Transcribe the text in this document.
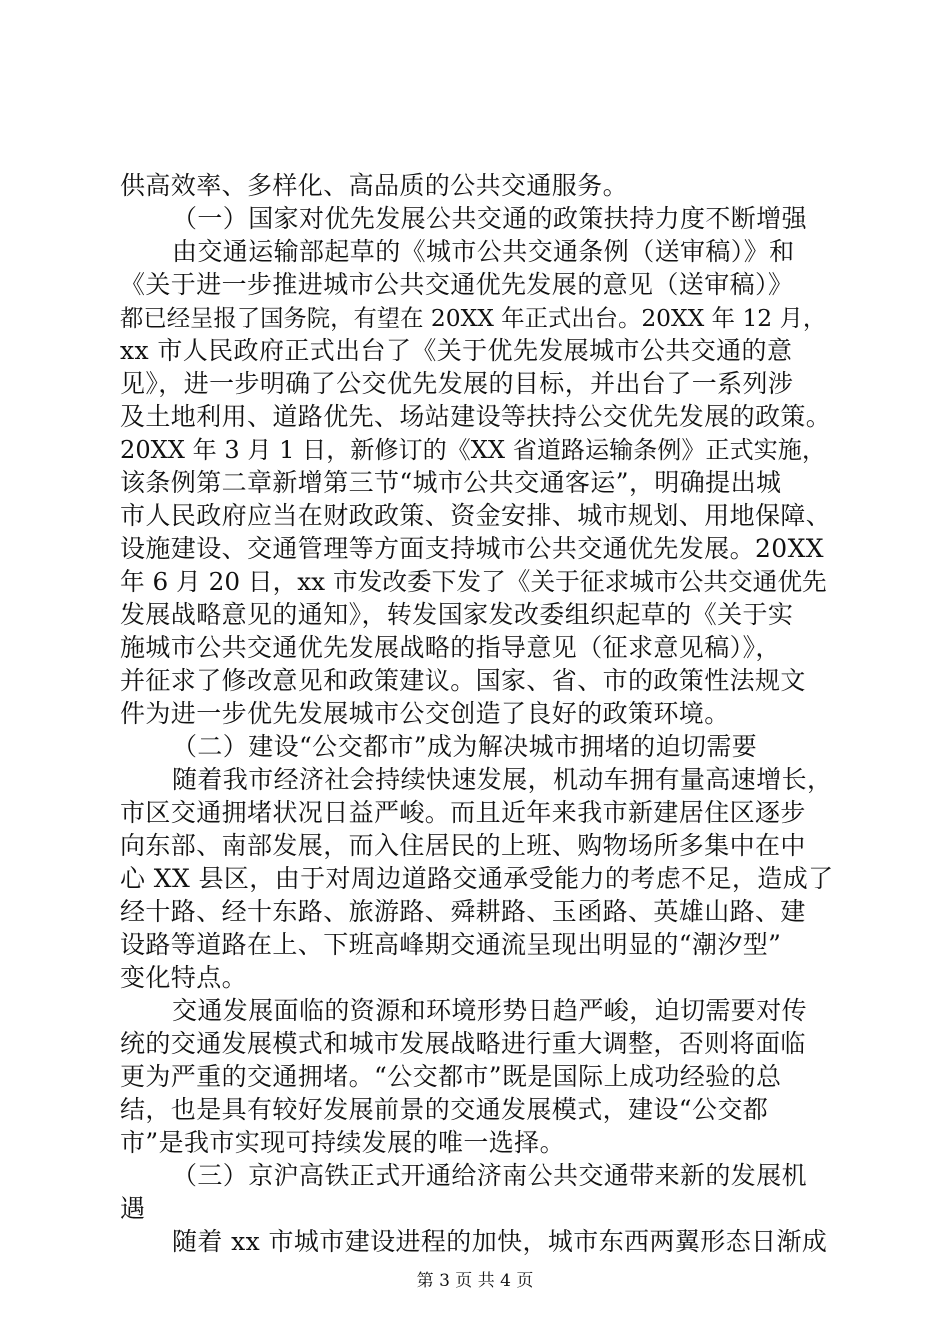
供高效率、多样化、高品质的公共交通服务。
（一）国家对优先发展公共交通的政策扶持力度不断增强
由交通运输部起草的《城市公共交通条例（送审稿）》和
《关于进一步推进城市公共交通优先发展的意见（送审稿）》
都已经呈报了国务院，有望在 20XX 年正式出台。20XX 年 12 月，
xx 市人民政府正式出台了《关于优先发展城市公共交通的意
见》，进一步明确了公交优先发展的目标，并出台了一系列涉
及土地利用、道路优先、场站建设等扶持公交优先发展的政策。
20XX 年 3 月 1 日，新修订的《XX 省道路运输条例》正式实施，
该条例第二章新增第三节“城市公共交通客运”，明确提出城
市人民政府应当在财政政策、资金安排、城市规划、用地保障、
设施建设、交通管理等方面支持城市公共交通优先发展。20XX
年 6 月 20 日，xx 市发改委下发了《关于征求城市公共交通优先
发展战略意见的通知》，转发国家发改委组织起草的《关于实
施城市公共交通优先发展战略的指导意见（征求意见稿）》，
并征求了修改意见和政策建议。国家、省、市的政策性法规文
件为进一步优先发展城市公交创造了良好的政策环境。
（二）建设“公交都市”成为解决城市拥堵的迫切需要
随着我市经济社会持续快速发展，机动车拥有量高速增长，
市区交通拥堵状况日益严峻。而且近年来我市新建居住区逐步
向东部、南部发展，而入住居民的上班、购物场所多集中在中
心 XX 县区，由于对周边道路交通承受能力的考虑不足，造成了
经十路、经十东路、旅游路、舜耕路、玉函路、英雄山路、建
设路等道路在上、下班高峰期交通流呈现出明显的“潮汐型”
变化特点。
交通发展面临的资源和环境形势日趋严峻，迫切需要对传
统的交通发展模式和城市发展战略进行重大调整，否则将面临
更为严重的交通拥堵。“公交都市”既是国际上成功经验的总
结，也是具有较好发展前景的交通发展模式，建设“公交都
市”是我市实现可持续发展的唯一选择。
（三）京沪高铁正式开通给济南公共交通带来新的发展机
遇
随着 xx 市城市建设进程的加快，城市东西两翼形态日渐成
第 3 页 共 4 页
